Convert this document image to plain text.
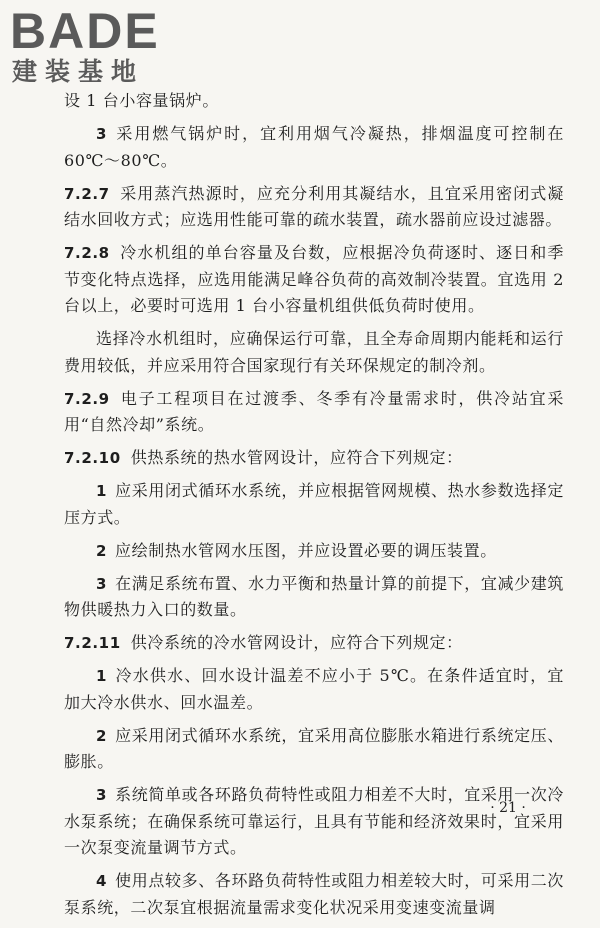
BADE
建装基地

设 1 台小容量锅炉。

3 采用燃气锅炉时，宜利用烟气冷凝热，排烟温度可控制在 60℃～80℃。

7.2.7 采用蒸汽热源时，应充分利用其凝结水，且宜采用密闭式凝结水回收方式；应选用性能可靠的疏水装置，疏水器前应设过滤器。

7.2.8 冷水机组的单台容量及台数，应根据冷负荷逐时、逐日和季节变化特点选择，应选用能满足峰谷负荷的高效制冷装置。宜选用 2 台以上，必要时可选用 1 台小容量机组供低负荷时使用。

选择冷水机组时，应确保运行可靠，且全寿命周期内能耗和运行费用较低，并应采用符合国家现行有关环保规定的制冷剂。

7.2.9 电子工程项目在过渡季、冬季有冷量需求时，供冷站宜采用“自然冷却”系统。

7.2.10 供热系统的热水管网设计，应符合下列规定：

1 应采用闭式循环水系统，并应根据管网规模、热水参数选择定压方式。

2 应绘制热水管网水压图，并应设置必要的调压装置。

3 在满足系统布置、水力平衡和热量计算的前提下，宜减少建筑物供暖热力入口的数量。

7.2.11 供冷系统的冷水管网设计，应符合下列规定：

1 冷水供水、回水设计温差不应小于 5℃。在条件适宜时，宜加大冷水供水、回水温差。

2 应采用闭式循环水系统，宜采用高位膨胀水箱进行系统定压、膨胀。

3 系统简单或各环路负荷特性或阻力相差不大时，宜采用一次冷水泵系统；在确保系统可靠运行，且具有节能和经济效果时，宜采用一次泵变流量调节方式。

4 使用点较多、各环路负荷特性或阻力相差较大时，可采用二次泵系统，二次泵宜根据流量需求变化状况采用变速变流量调

· 21 ·
